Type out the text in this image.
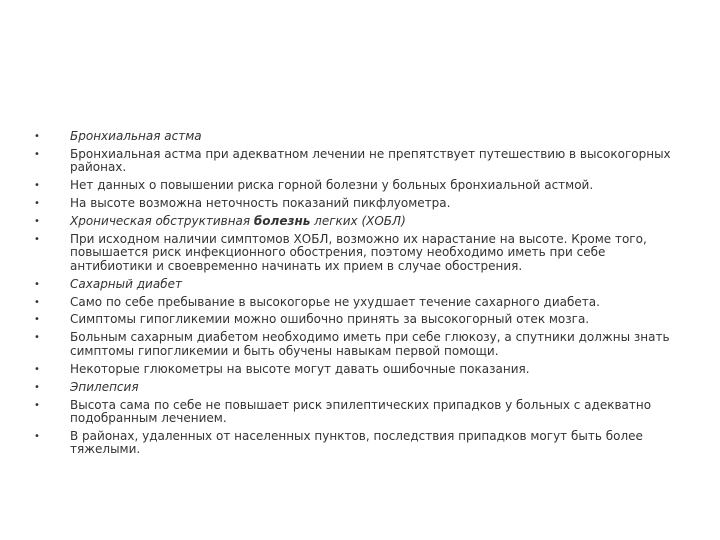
•	Бронхиальная астма
•	Бронхиальная астма при адекватном лечении не препятствует путешествию в высокогорных районах.
•	Нет данных о повышении риска горной болезни у больных бронхиальной астмой.
•	На высоте возможна неточность показаний пикфлуометра.
•	Хроническая обструктивная болезнь легких (ХОБЛ)
•	При исходном наличии симптомов ХОБЛ, возможно их нарастание на высоте. Кроме того, повышается риск инфекционного обострения, поэтому необходимо иметь при себе антибиотики и своевременно начинать их прием в случае обострения.
•	Сахарный диабет
•	Само по себе пребывание в высокогорье не ухудшает течение сахарного диабета.
•	Симптомы гипогликемии можно ошибочно принять за высокогорный отек мозга.
•	Больным сахарным диабетом необходимо иметь при себе глюкозу, а спутники должны знать симптомы гипогликемии и быть обучены навыкам первой помощи.
•	Некоторые глюкометры на высоте могут давать ошибочные показания.
•	Эпилепсия
•	Высота сама по себе не повышает риск эпилептических припадков у больных с адекватно подобранным лечением.
•	В районах, удаленных от населенных пунктов, последствия припадков могут быть более тяжелыми.
